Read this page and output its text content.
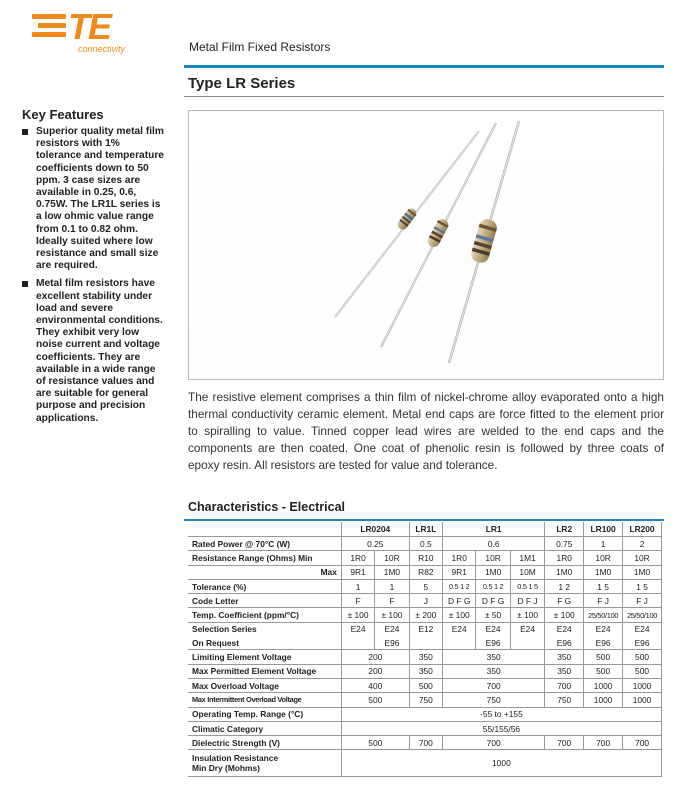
TE
connectivity	Metal Film Fixed Resistors
Type LR Series
Key Features
Superior quality metal film resistors with 1% tolerance and temperature coefficients down to 50 ppm. 3 case sizes are available in 0.25, 0.6, 0.75W. The LR1L series is a low ohmic value range from 0.1 to 0.82 ohm. Ideally suited where low resistance and small size are required.
Metal film resistors have excellent stability under load and severe environmental conditions. They exhibit very low noise current and voltage coefficients. They are available in a wide range of resistance values and are suitable for general purpose and precision applications.
The resistive element comprises a thin film of nickel-chrome alloy evaporated onto a high thermal conductivity ceramic element. Metal end caps are force fitted to the element prior to spiralling to value. Tinned copper lead wires are welded to the end caps and the components are then coated. One coat of phenolic resin is followed by three coats of epoxy resin. All resistors are tested for value and tolerance.
Characteristics - Electrical
	LR0204		LR1L	LR1			LR2	LR100	LR200
Rated Power @ 70°C (W)	0.25		0.5	0.6			0.75	1	2
Resistance Range (Ohms) Min	1R0	10R	R10	1R0	10R	1M1	1R0	10R	10R
Max	9R1	1M0	R82	9R1	1M0	10M	1M0	1M0	1M0
Tolerance (%)	1	1	5	0.5 1 2	0.5 1 2	0.5 1 5	1 2	1 5	1 5
Code Letter	F	F	J	D F G	D F G	D F J	F G	F J	F J
Temp. Coefficient (ppm/°C)	± 100	± 100	± 200	± 100	± 50	± 100	± 100	25/50/100	25/50/100
Selection Series	E24	E24	E12	E24	E24	E24	E24	E24	E24
On Request		E96			E96		E96	E96	E96
Limiting Element Voltage	200		350	350			350	500	500
Max Permitted Element Voltage	200		350	350			350	500	500
Max Overload Voltage	400		500	700			700	1000	1000
Max Intermittent Overload Voltage	500		750	750			750	1000	1000
Operating Temp. Range (°C)	-55 to +155								
Climatic Category	55/155/56								
Dielectric Strength (V)	500		700	700			700	700	700
Insulation Resistance
Min Dry (Mohms)	1000								
